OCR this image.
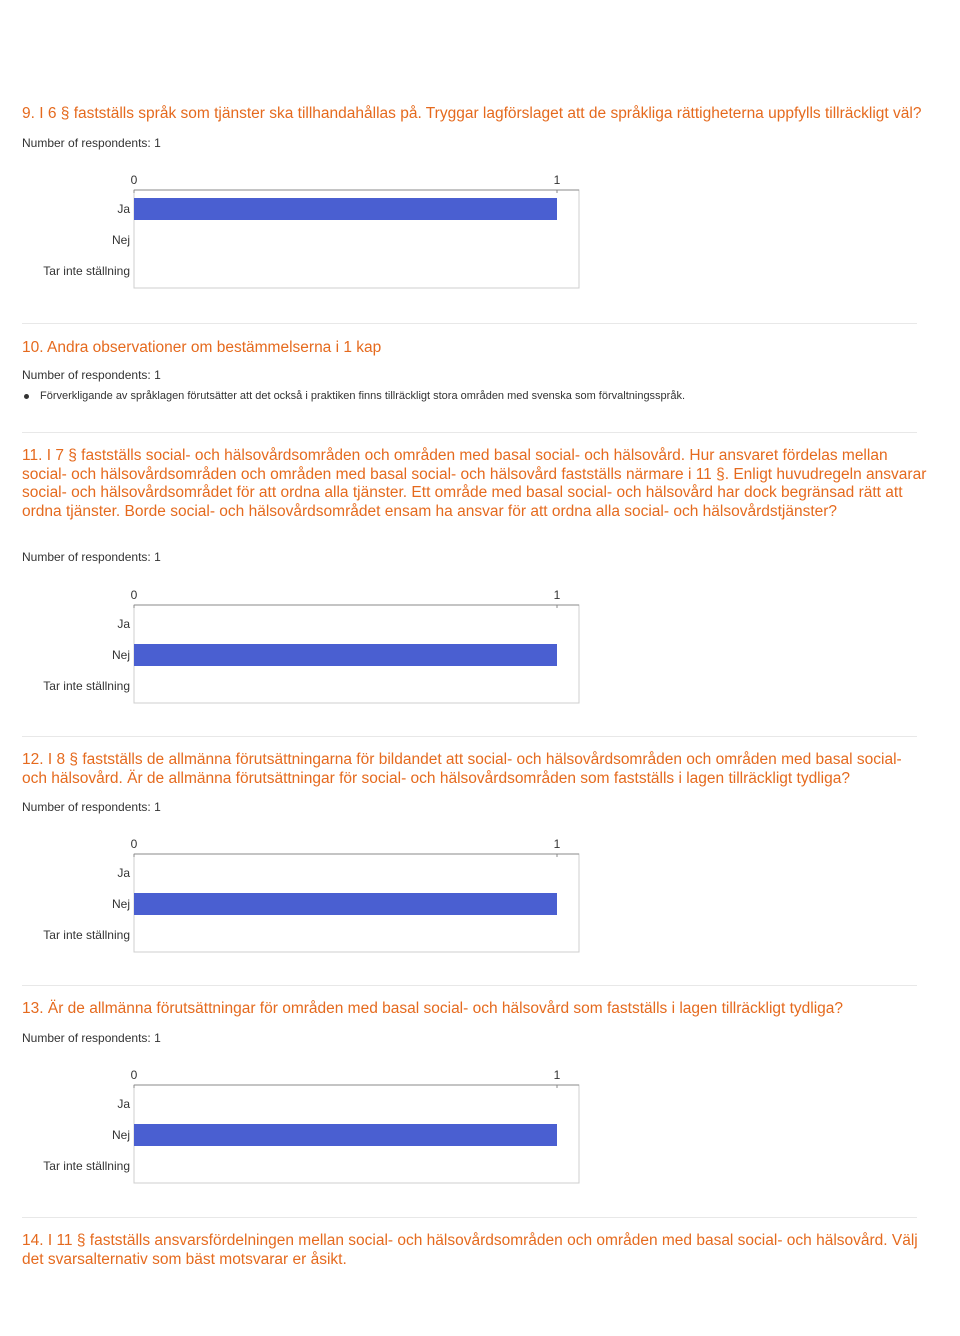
9. I 6 § fastställs språk som tjänster ska tillhandahållas på. Tryggar lagförslaget att de språkliga rättigheterna uppfylls tillräckligt väl?

Number of respondents: 1

0	1
Ja
Nej
Tar inte ställning
10. Andra observationer om bestämmelserna i 1 kap

Number of respondents: 1

Förverkligande av språklagen förutsätter att det också i praktiken finns tillräckligt stora områden med svenska som förvaltningsspråk.
11. I 7 § fastställs social- och hälsovårdsområden och områden med basal social- och hälsovård. Hur ansvaret fördelas mellan social- och hälsovårdsområden och områden med basal social- och hälsovård fastställs närmare i 11 §. Enligt huvudregeln ansvarar social- och hälsovårdsområdet för att ordna alla tjänster. Ett område med basal social- och hälsovård har dock begränsad rätt att ordna tjänster. Borde social- och hälsovårdsområdet ensam ha ansvar för att ordna alla social- och hälsovårdstjänster?

Number of respondents: 1

0	1
Ja
Nej
Tar inte ställning
12. I 8 § fastställs de allmänna förutsättningarna för bildandet att social- och hälsovårdsområden och områden med basal social- och hälsovård. Är de allmänna förutsättningar för social- och hälsovårdsområden som fastställs i lagen tillräckligt tydliga?

Number of respondents: 1

0	1
Ja
Nej
Tar inte ställning
13. Är de allmänna förutsättningar för områden med basal social- och hälsovård som fastställs i lagen tillräckligt tydliga?

Number of respondents: 1

0	1
Ja
Nej
Tar inte ställning
14. I 11 § fastställs ansvarsfördelningen mellan social- och hälsovårdsområden och områden med basal social- och hälsovård. Välj det svarsalternativ som bäst motsvarar er åsikt.
